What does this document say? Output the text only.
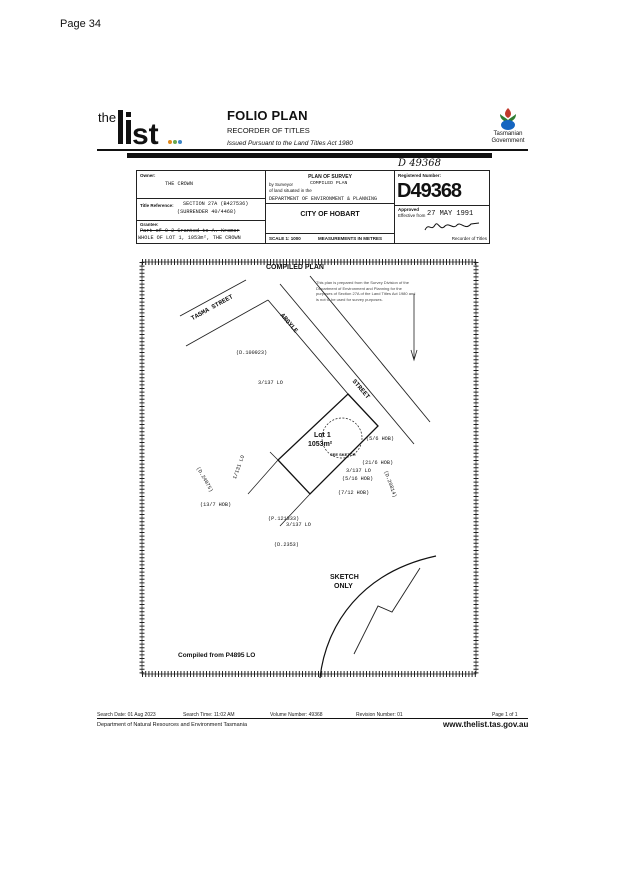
Page 34
the
st
FOLIO PLAN
RECORDER OF TITLES
Issued Pursuant to the Land Titles Act 1980
Tasmanian
Government
D 49368
Owner:
THE CROWN
Title Reference: SECTION 27A (B427536)
(SURRENDER 40/4468)
Grantee:
Part of 0-2 Granted to A. Kremer
WHOLE OF LOT 1, 1053m², THE CROWN
PLAN OF SURVEY
by Surveyor	COMPILED PLAN
of land situated in the
DEPARTMENT OF ENVIRONMENT & PLANNING
CITY OF HOBART
SCALE 1: 1000	MEASUREMENTS IN METRES
Registered Number:
D49368
Approved
Effective from 27 MAY 1991
Recorder of Titles
COMPILED PLAN
TASMA STREET
ARGYLE
STREET
Lot 1
1053m²
SEE SKETCH
(D.100923)
3/137 LO
(D.24075)	1/131 LO
(13/7 HOB)
(P.121333)
3/137 LO
(D.2353)
(5/6 HOB)
(21/6 HOB)
3/137 LO
(5/16 HOB)
(7/12 HOB)	(D.20814)
SKETCH
ONLY
Compiled from P4895 LO
This plan is prepared from the Survey Division of the Department of Environment and Planning for the purposes of Section 27A of the Land Titles Act 1980 and is not to be used for survey purposes.
Search Date: 01 Aug 2023	Search Time: 11:02 AM	Volume Number: 49368	Revision Number: 01	Page 1 of 1
Department of Natural Resources and Environment Tasmania	www.thelist.tas.gov.au
